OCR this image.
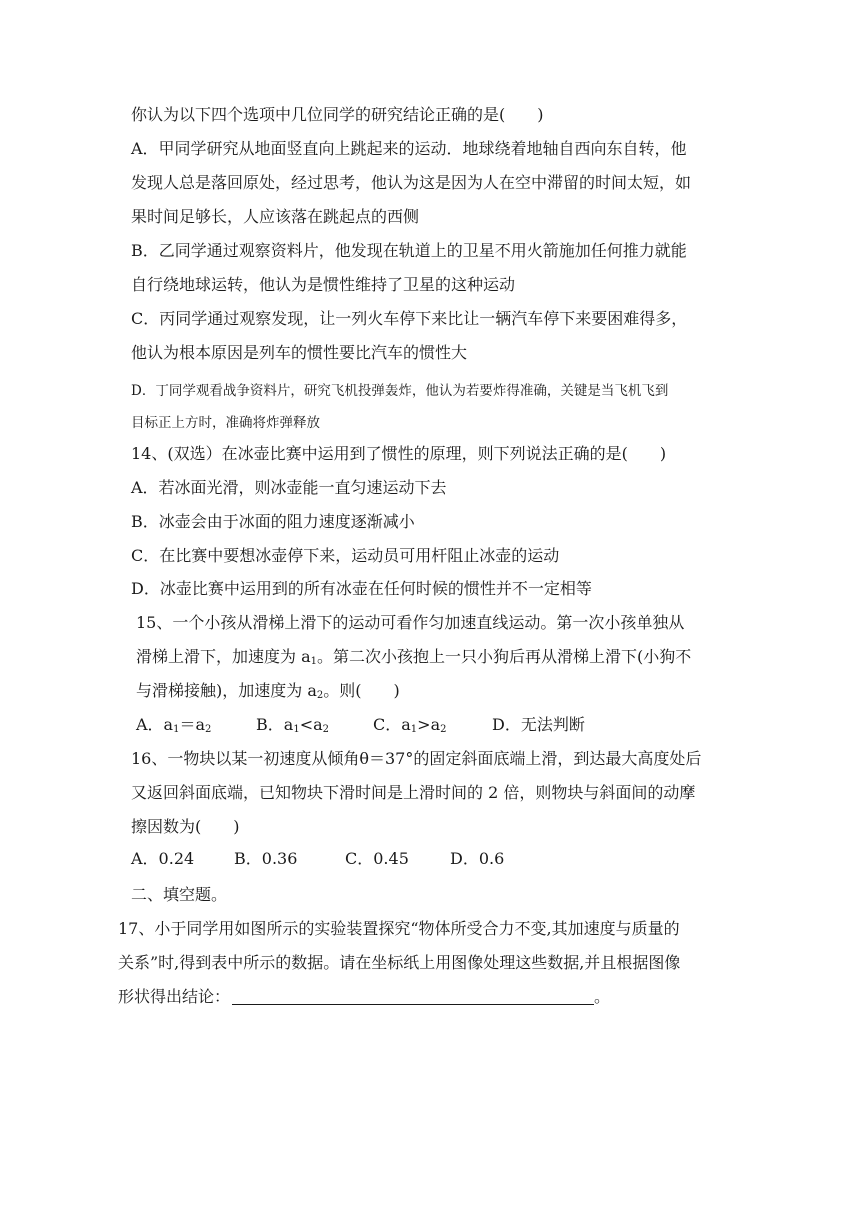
你认为以下四个选项中几位同学的研究结论正确的是(　　)
A．甲同学研究从地面竖直向上跳起来的运动．地球绕着地轴自西向东自转，他
发现人总是落回原处，经过思考，他认为这是因为人在空中滞留的时间太短，如
果时间足够长，人应该落在跳起点的西侧
B．乙同学通过观察资料片，他发现在轨道上的卫星不用火箭施加任何推力就能
自行绕地球运转，他认为是惯性维持了卫星的这种运动
C．丙同学通过观察发现，让一列火车停下来比让一辆汽车停下来要困难得多，
他认为根本原因是列车的惯性要比汽车的惯性大
D．丁同学观看战争资料片，研究飞机投弹轰炸，他认为若要炸得准确，关键是当飞机飞到
目标正上方时，准确将炸弹释放
14、(双选）在冰壶比赛中运用到了惯性的原理，则下列说法正确的是(　　)
A．若冰面光滑，则冰壶能一直匀速运动下去
B．冰壶会由于冰面的阻力速度逐渐减小
C．在比赛中要想冰壶停下来，运动员可用杆阻止冰壶的运动
D．冰壶比赛中运用到的所有冰壶在任何时候的惯性并不一定相等
15、一个小孩从滑梯上滑下的运动可看作匀加速直线运动。第一次小孩单独从
滑梯上滑下，加速度为 $a_1$。第二次小孩抱上一只小狗后再从滑梯上滑下(小狗不
与滑梯接触)，加速度为 $a_2$。则(　　)
A．$a_1=a_2$	B．$a_1<a_2$	C．$a_1>a_2$	D．无法判断
16、一物块以某一初速度从倾角θ＝37°的固定斜面底端上滑，到达最大高度处后
又返回斜面底端，已知物块下滑时间是上滑时间的 2 倍，则物块与斜面间的动摩
擦因数为(　　)
A．0.24 B．0.36	C．0.45	D．0.6
二、填空题。
17、小于同学用如图所示的实验装置探究“物体所受合力不变,其加速度与质量的
关系”时,得到表中所示的数据。请在坐标纸上用图像处理这些数据,并且根据图像
形状得出结论：	。
